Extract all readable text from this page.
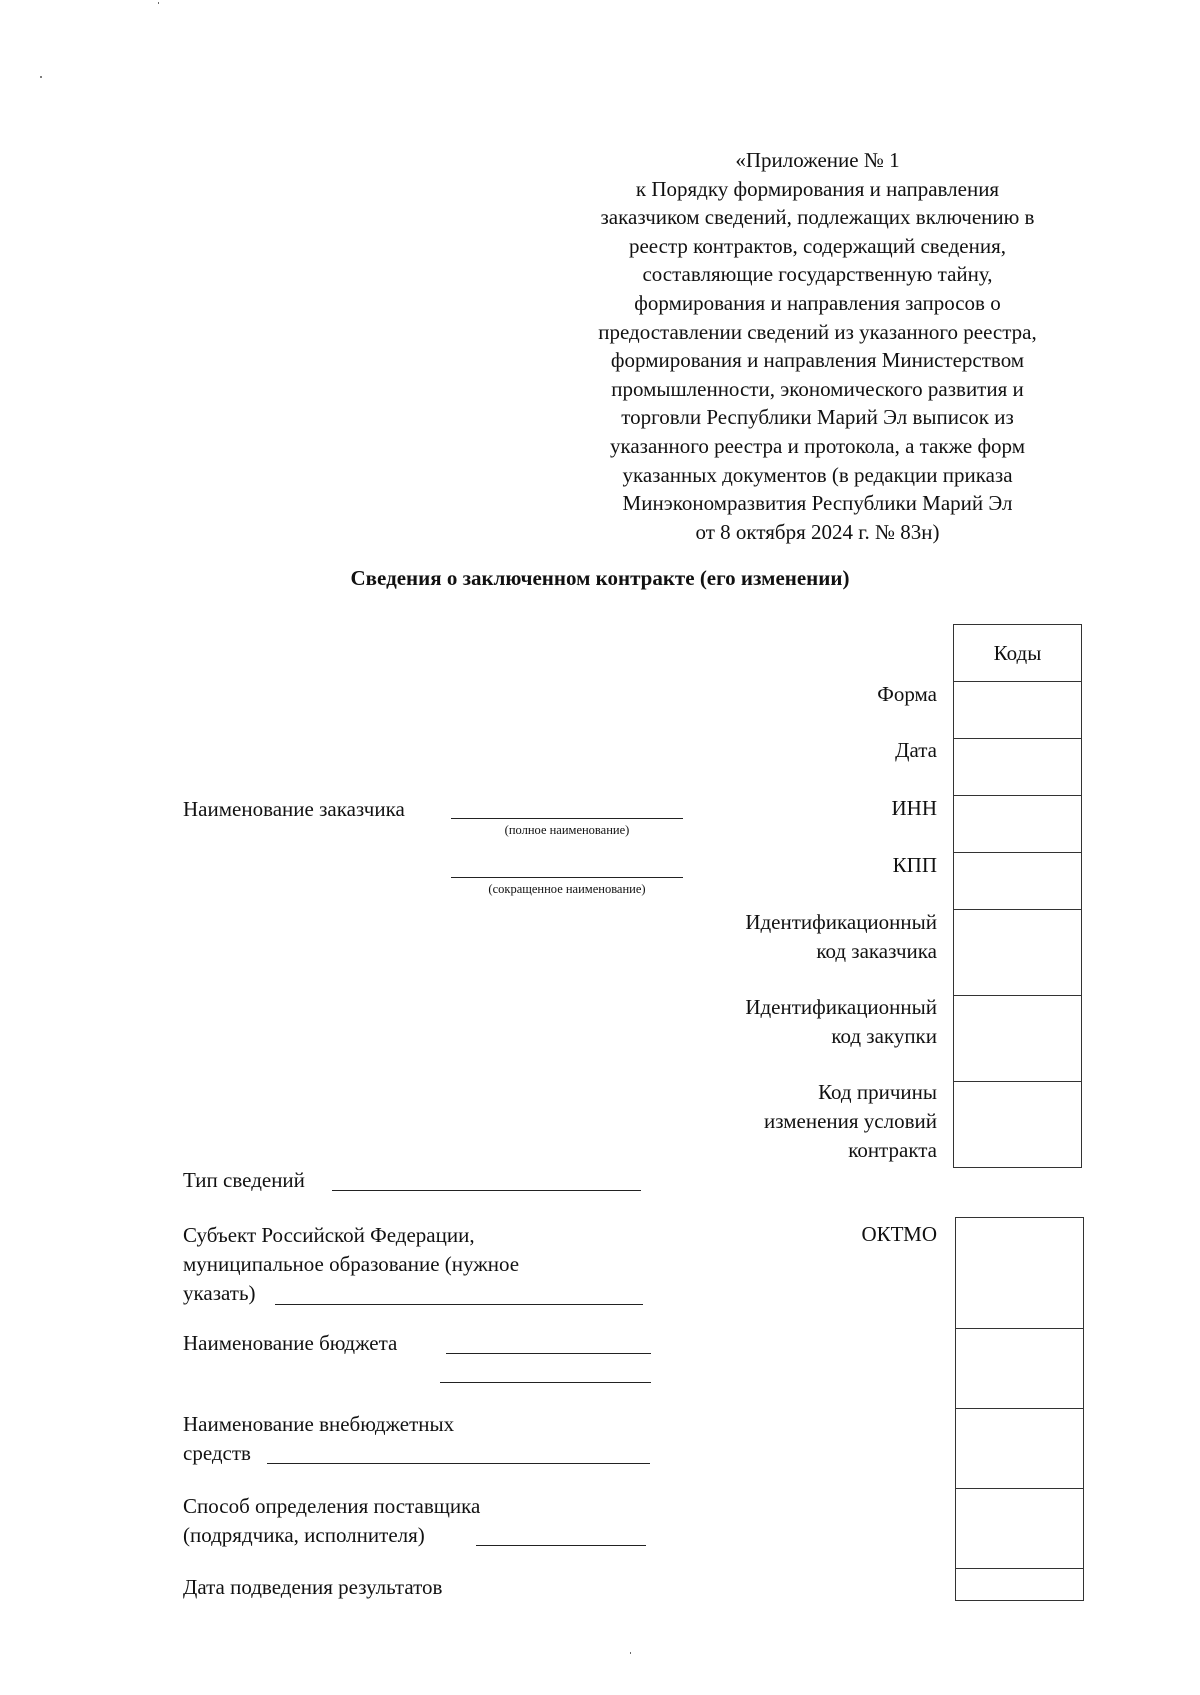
«Приложение № 1
к Порядку формирования и направления
заказчиком сведений, подлежащих включению в
реестр контрактов, содержащий сведения,
составляющие государственную тайну,
формирования и направления запросов о
предоставлении сведений из указанного реестра,
формирования и направления Министерством
промышленности, экономического развития и
торговли Республики Марий Эл выписок из
указанного реестра и протокола, а также форм
указанных документов (в редакции приказа
Минэкономразвития Республики Марий Эл
от 8 октября 2024 г. № 83н)
Сведения о заключенном контракте (его изменении)
Коды
Форма
Дата
ИНН
КПП
Идентификационный
код заказчика
Идентификационный
код закупки
Код причины
изменения условий
контракта
ОКТМО
Наименование заказчика
(полное наименование)
(сокращенное наименование)
Тип сведений
Субъект Российской Федерации,
муниципальное образование (нужное
указать)
Наименование бюджета
Наименование внебюджетных
средств
Способ определения поставщика
(подрядчика, исполнителя)
Дата подведения результатов
